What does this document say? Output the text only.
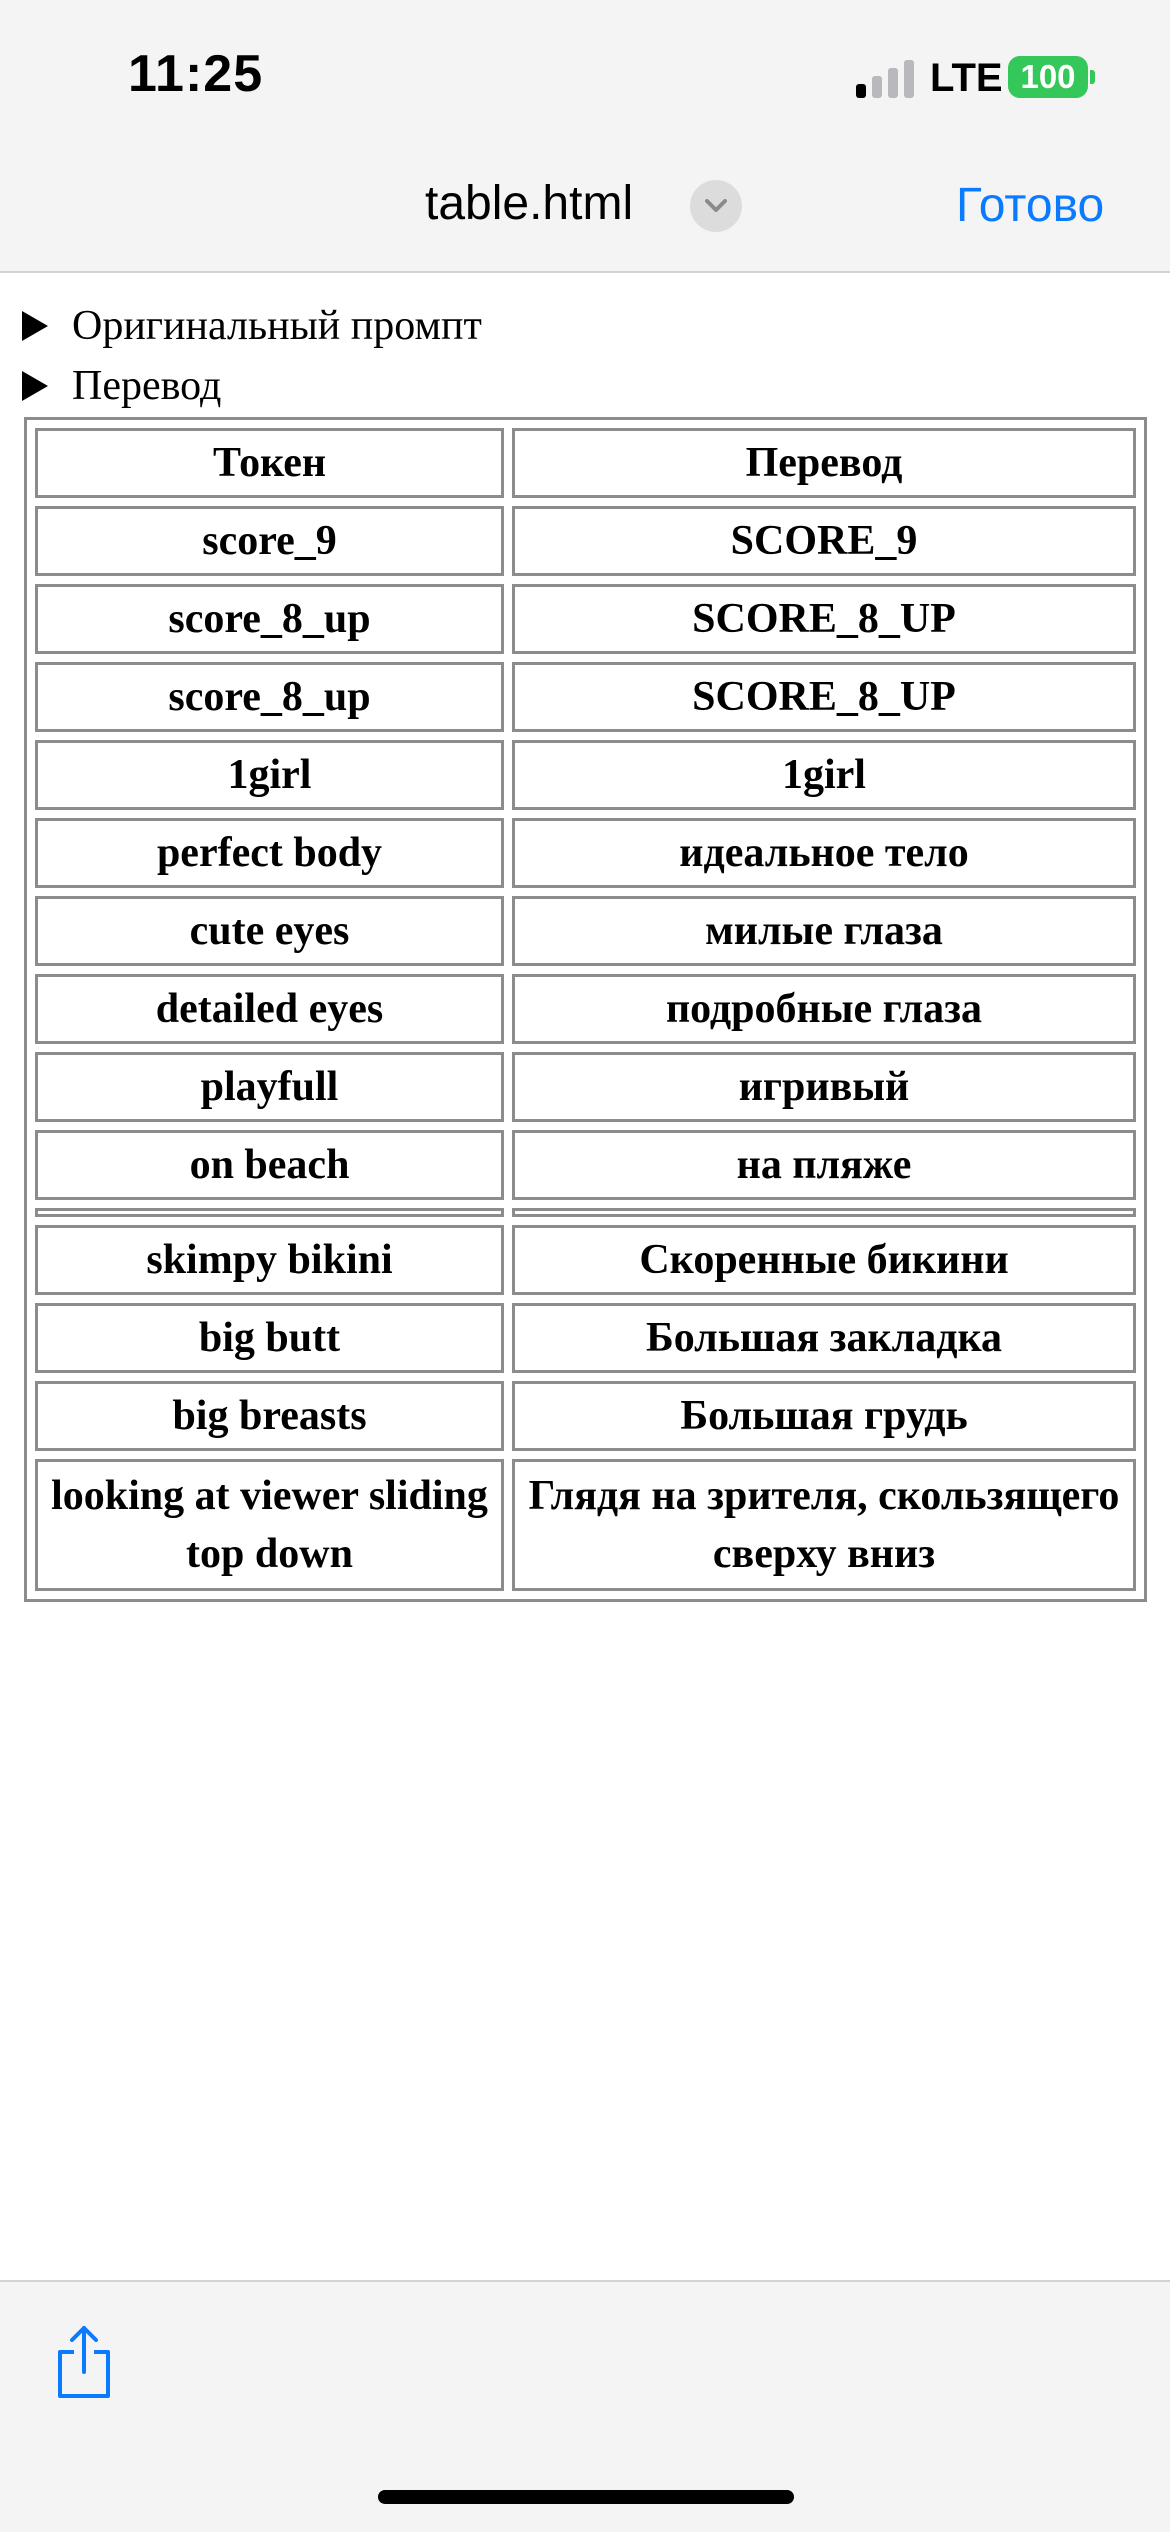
11:25	LTE 100
table.html	Готово
Оригинальный промпт
Перевод
Токен	Перевод
score_9	SCORE_9
score_8_up	SCORE_8_UP
score_8_up	SCORE_8_UP
1girl	1girl
perfect body	идеальное тело
cute eyes	милые глаза
detailed eyes	подробные глаза
playfull	игривый
on beach	на пляже

skimpy bikini	Скоренные бикини
big butt	Большая закладка
big breasts	Большая грудь
looking at viewer sliding top down	Глядя на зрителя, скользящего сверху вниз
